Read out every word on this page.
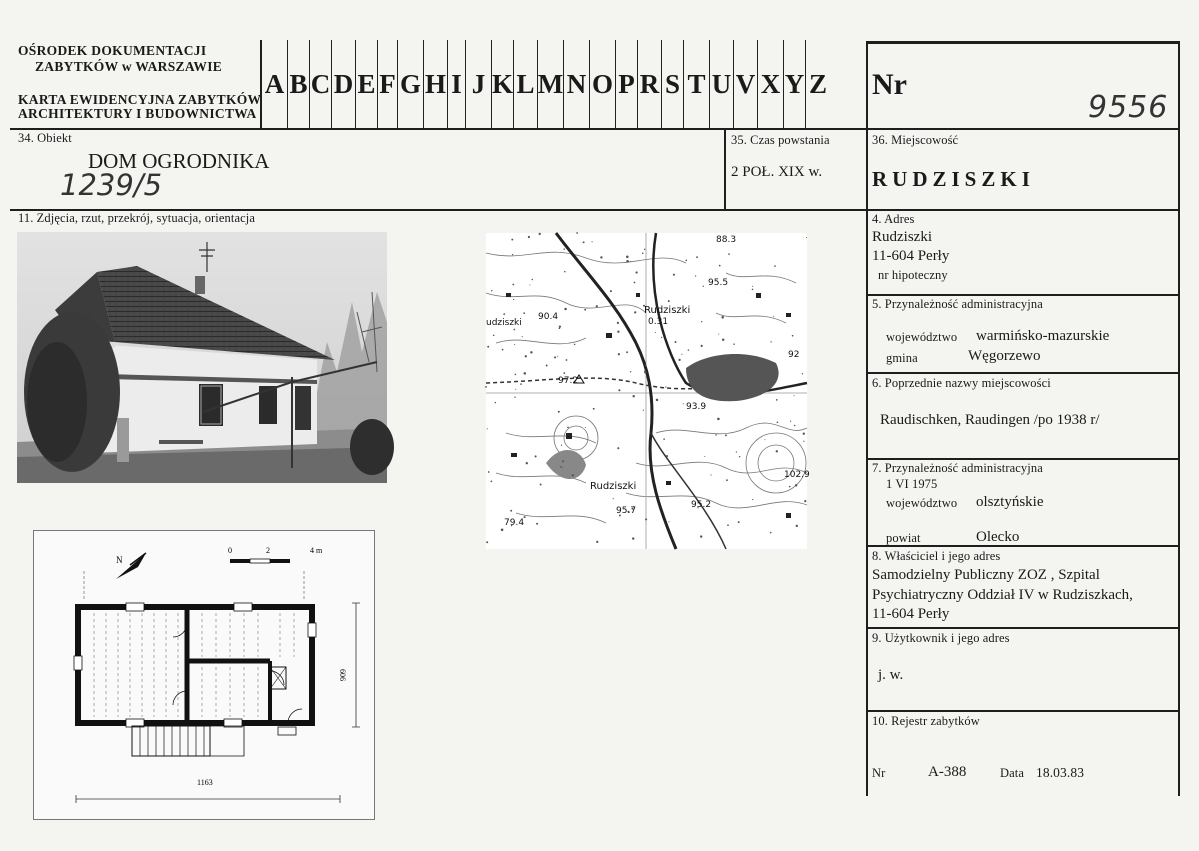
OŚRODEK DOKUMENTACJI
ZABYTKÓW w WARSZAWIE
KARTA EWIDENCYJNA ZABYTKÓW
ARCHITEKTURY I BUDOWNICTWA
A B C D E F G H I J K L M N O P R S T U V X Y Z Nr
9556
34. Obiekt
DOM OGRODNIKA
1239/5
35. Czas powstania
2 POŁ. XIX w.
36. Miejscowość
RUDZISZKI
11. Zdjęcia, rzut, przekrój, sytuacja, orientacja
88.3
95.5
Rudziszki
0.31
udziszki
90.4
97.2
92
93.9
102.9
Rudziszki
95.7
95.2
79.4
N
0	2	4 m
1163
606
4. Adres
Rudziszki
11-604 Perły
nr hipoteczny
5. Przynależność administracyjna
województwo warmińsko-mazurskie
gmina	Węgorzewo
6. Poprzednie nazwy miejscowości
Raudischken, Raudingen /po 1938 r/
7. Przynależność administracyjna
1 VI 1975
województwo olsztyńskie
powiat	Olecko
8. Właściciel i jego adres
Samodzielny Publiczny ZOZ , Szpital
Psychiatryczny Oddział IV w Rudziszkach,
11-604 Perły
9. Użytkownik i jego adres
j. w.
10. Rejestr zabytków
Nr	A-388	Data 18.03.83
